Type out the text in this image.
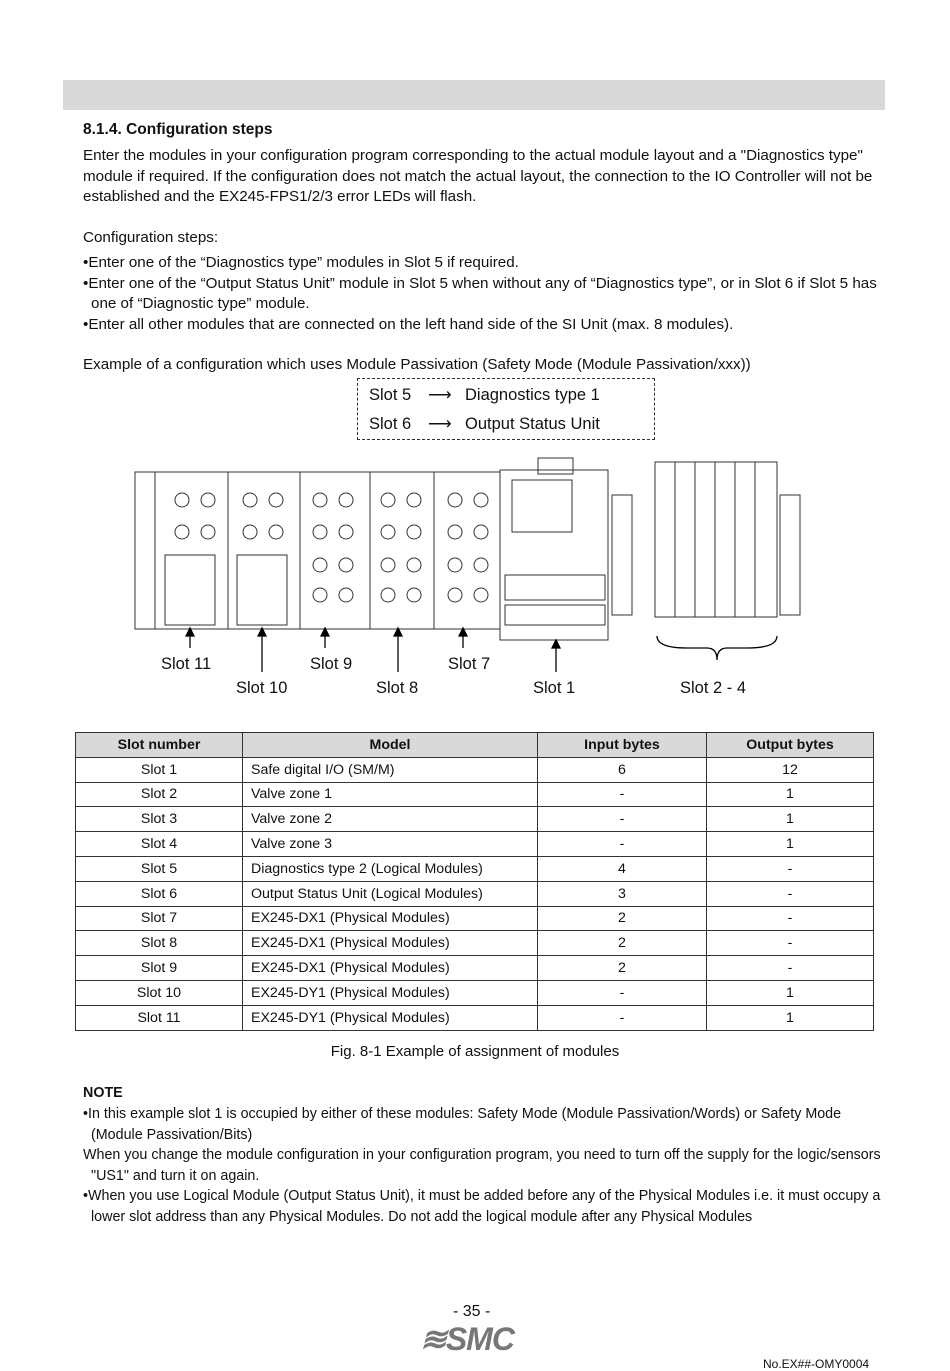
8.1.4. Configuration steps
Enter the modules in your configuration program corresponding to the actual module layout and a "Diagnostics type" module if required. If the configuration does not match the actual layout, the connection to the IO Controller will not be established and the EX245-FPS1/2/3 error LEDs will flash.
Configuration steps:
•Enter one of the “Diagnostics type” modules in Slot 5 if required.
•Enter one of the “Output Status Unit” module in Slot 5 when without any of “Diagnostics type”, or in Slot 6 if Slot 5 has one of “Diagnostic type” module.
•Enter all other modules that are connected on the left hand side of the SI Unit (max. 8 modules).
Example of a configuration which uses Module Passivation (Safety Mode (Module Passivation/xxx))
Slot 5 ⟶ Diagnostics type 1
Slot 6 ⟶ Output Status Unit
Slot 11
Slot 10
Slot 9
Slot 8
Slot 7
Slot 1	Slot 2 - 4
Slot number	Model	Input bytes	Output bytes
Slot 1	Safe digital I/O (SM/M)	6	12
Slot 2	Valve zone 1	-	1
Slot 3	Valve zone 2	-	1
Slot 4	Valve zone 3	-	1
Slot 5	Diagnostics type 2 (Logical Modules)	4	-
Slot 6	Output Status Unit (Logical Modules)	3	-
Slot 7	EX245-DX1 (Physical Modules)	2	-
Slot 8	EX245-DX1 (Physical Modules)	2	-
Slot 9	EX245-DX1 (Physical Modules)	2	-
Slot 10	EX245-DY1 (Physical Modules)	-	1
Slot 11	EX245-DY1 (Physical Modules)	-	1
Fig. 8-1 Example of assignment of modules
NOTE
•In this example slot 1 is occupied by either of these modules: Safety Mode (Module Passivation/Words) or Safety Mode (Module Passivation/Bits)
When you change the module configuration in your configuration program, you need to turn off the supply for the logic/sensors "US1" and turn it on again.
•When you use Logical Module (Output Status Unit), it must be added before any of the Physical Modules i.e. it must occupy a lower slot address than any Physical Modules. Do not add the logical module after any Physical Modules
- 35 -
≋SMC
No.EX##-OMY0004
